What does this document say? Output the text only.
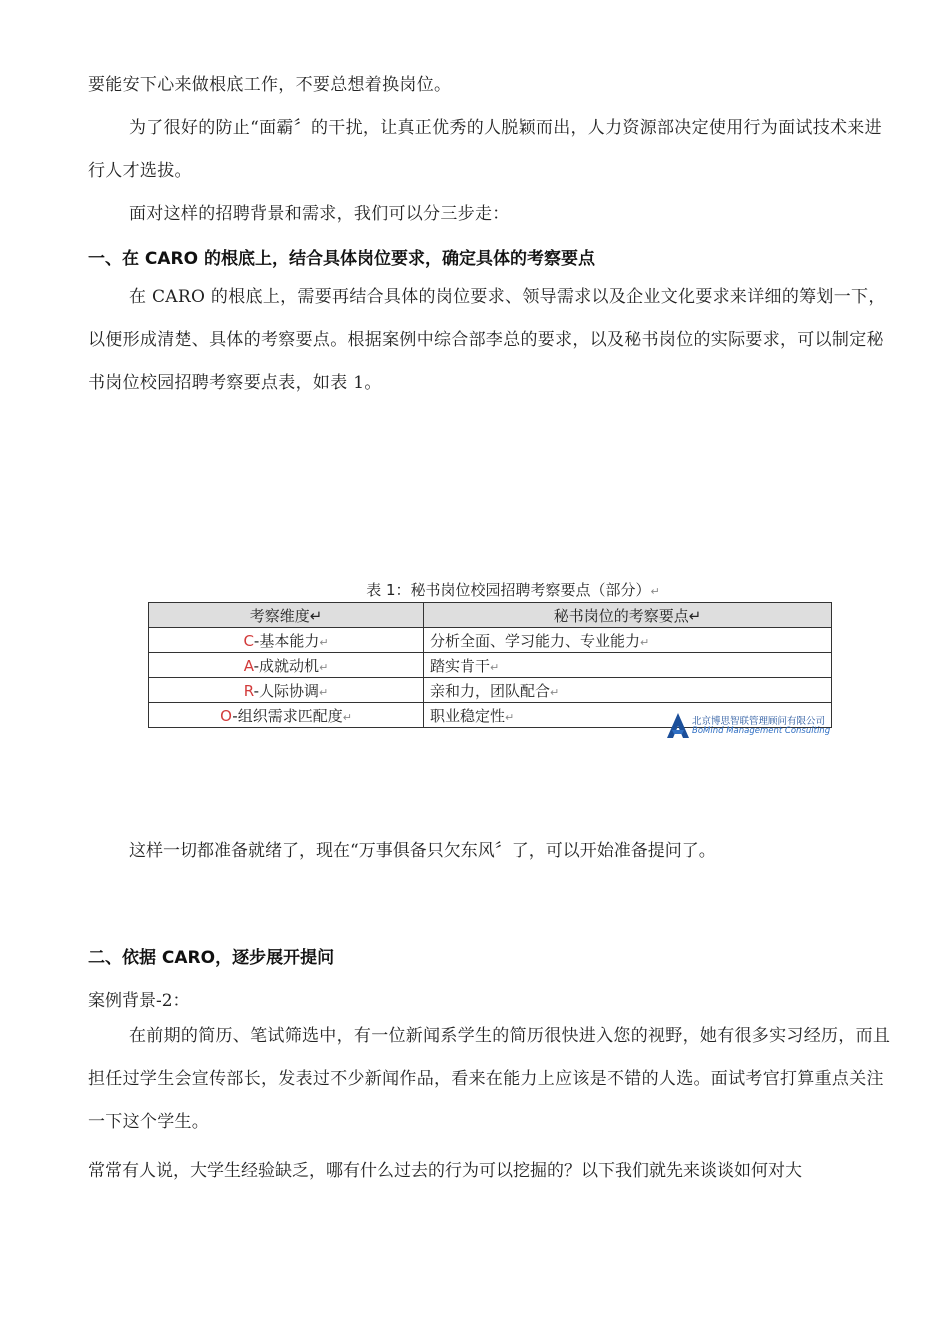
要能安下心来做根底工作，不要总想着换岗位。

为了很好的防止“面霸〞的干扰，让真正优秀的人脱颖而出，人力资源部决定使用行为面试技术来进行人才选拔。

面对这样的招聘背景和需求，我们可以分三步走：

一、在 CARO 的根底上，结合具体岗位要求，确定具体的考察要点

在 CARO 的根底上，需要再结合具体的岗位要求、领导需求以及企业文化要求来详细的筹划一下，以便形成清楚、具体的考察要点。根据案例中综合部李总的要求，以及秘书岗位的实际要求，可以制定秘书岗位校园招聘考察要点表，如表 1。

表 1：秘书岗位校园招聘考察要点（部分）↵
考察维度↵	秘书岗位的考察要点↵
C-基本能力↵	分析全面、学习能力、专业能力↵
A-成就动机↵	踏实肯干↵
R-人际协调↵	亲和力，团队配合↵
O-组织需求匹配度↵	职业稳定性↵	北京博思智联管理顾问有限公司
BoMind Management Consulting

这样一切都准备就绪了，现在“万事俱备只欠东风〞了，可以开始准备提问了。

二、依据 CARO，逐步展开提问

案例背景-2：

在前期的简历、笔试筛选中，有一位新闻系学生的简历很快进入您的视野，她有很多实习经历，而且担任过学生会宣传部长，发表过不少新闻作品，看来在能力上应该是不错的人选。面试考官打算重点关注一下这个学生。

常常有人说，大学生经验缺乏，哪有什么过去的行为可以挖掘的？以下我们就先来谈谈如何对大
